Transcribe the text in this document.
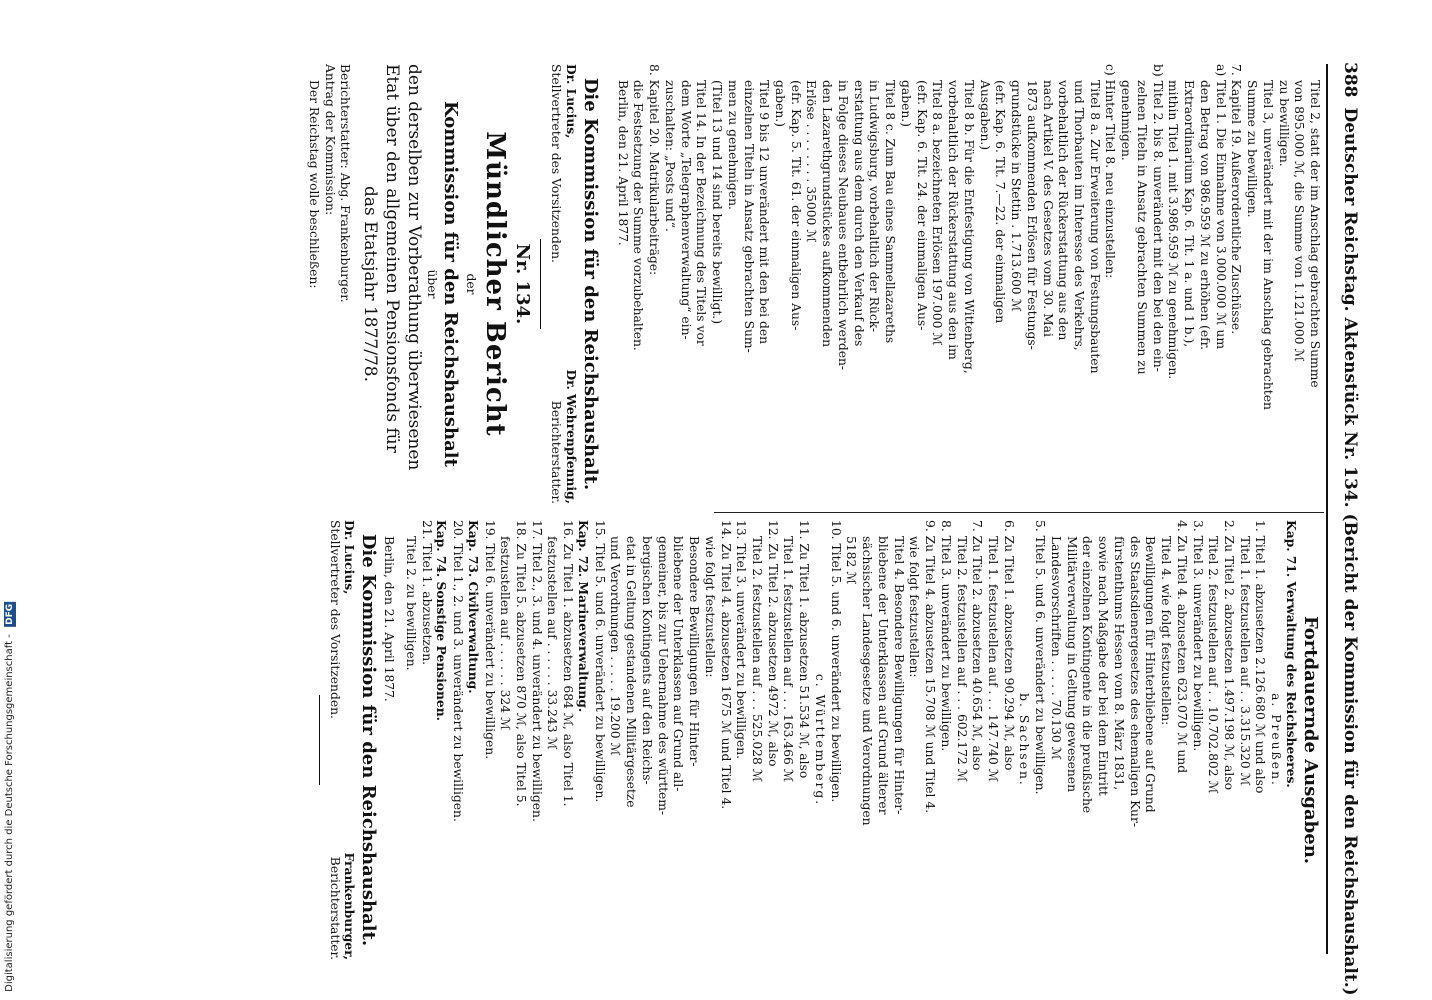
388
Deutscher Reichstag. Aktenstück Nr. 134. (Bericht der Kommission für den Reichshaushalt.)

Titel 2, statt der im Anschlag gebrachten Summe

von 895.000 ℳ, die Summe von 1.121.000 ℳ

zu bewilligen.

Titel 3, unverändert mit der im Anschlag gebrachten

Summe zu bewilligen.

7. Kapitel 19. Außerordentliche Zuschüsse.

a) Titel 1. Die Einnahme von 3.000.000 ℳ um

den Betrag von 986.959 ℳ zu erhöhen (efr.

Extraordinarium Kap. 6. Tit. 1 a. und 1 b.),

mithin Titel 1. mit 3.986.959 ℳ zu genehmigen.

b) Titel 2. bis 8. unverändert mit den bei den ein-

zelnen Titeln in Ansatz gebrachten Summen zu

genehmigen.

c) Hinter Titel 8. neu einzustellen:

Titel 8 a. Zur Erweiterung von Festungsbauten

und Thorbauten im Interesse des Verkehrs,

vorbehaltlich der Rückerstattung aus den

nach Artikel V. des Gesetzes vom 30. Mai

1873 aufkommenden Erlösen für Festungs-

grundstücke in Stettin . 1.713.600 ℳ

(efr. Kap. 6. Tit. 7.—22. der einmaligen

Ausgaben.)

Titel 8 b. Für die Entfestigung von Wittenberg,

vorbehaltlich der Rückerstattung aus den im

Titel 8 a. bezeichneten Erlösen 197.000 ℳ

(efr. Kap. 6. Tit. 24. der einmaligen Aus-

gaben.)

Titel 8 c. Zum Bau eines Sammellazareths

in Ludwigsburg, vorbehaltlich der Rück-

erstattung aus dem durch den Verkauf des

in Folge dieses Neubaues entbehrlich werden-

den Lazarethgrundstückes aufkommenden

Erlöse . . . . . . . . 35000 ℳ

(efr. Kap. 5. Tit. 61. der einmaligen Aus-

gaben.)

Titel 9 bis 12 unverändert mit den bei den

einzelnen Titeln in Ansatz gebrachten Sum-

men zu genehmigen.

(Titel 13 und 14 sind bereits bewilligt.)

Titel 14. In der Bezeichnung des Titels vor

dem Worte „Telegraphenverwaltung“ ein-

zuschalten: „Posts und“.

8. Kapitel 20. Matrikularbeiträge:

die Festsetzung der Summe vorzubehalten.

Berlin, den 21. April 1877.

Die Kommission für den Reichshaushalt.

Dr. Lucius,

Stellvertreter des Vorsitzenden.

Dr. Wehrenpfennig,

Berichterstatter.

Nr. 134.

Mündlicher Bericht

der

Kommission für den Reichshaushalt

über

den derselben zur Vorberathung überwiesenen

Etat über den allgemeinen Pensionsfonds für

das Etatsjahr 1877/78.

Berichterstatter: Abg. Frankenburger.

Antrag der Kommission:

Der Reichstag wolle beschließen:

Fortdauernde Ausgaben.

Kap. 71. Verwaltung des Reichsheeres.

a. Preußen.

1. Titel 1. abzusetzen 2.126.680 ℳ und also

Titel 1. festzustellen auf . . 3.315.320 ℳ

2. Zu Titel 2. abzusetzen 1.497.198 ℳ, also

Titel 2. festzustellen auf . . 10.702.802 ℳ

3. Titel 3. unverändert zu bewilligen.

4. Zu Titel 4. abzusetzen 623.070 ℳ und

Titel 4. wie folgt festzustellen:

Bewilligungen für Hinterbliebene auf Grund

des Staatsdienergesetzes des ehemaligen Kur-

fürstenthums Hessen vom 8. März 1831,

sowie nach Maßgabe der bei dem Eintritt

der einzelnen Kontingente in die preußische

Militärverwaltung in Geltung gewesenen

Landesvorschriften . . . . . 70.130 ℳ

5. Titel 5. und 6. unverändert zu bewilligen.

b. Sachsen.

6. Zu Titel 1. abzusetzen 90.294 ℳ, also

Titel 1. festzustellen auf . . . 147.740 ℳ

7. Zu Titel 2. abzusetzen 40.654 ℳ, also

Titel 2. festzustellen auf . . . 602.172 ℳ

8. Titel 3. unverändert zu bewilligen.

9. Zu Titel 4. abzusetzen 15.708 ℳ und Titel 4.

wie folgt festzustellen:

Titel 4. Besondere Bewilligungen für Hinter-

bliebene der Unterklassen auf Grund älterer

sächsischer Landesgesetze und Verordnungen

5182 ℳ

10. Titel 5. und 6. unverändert zu bewilligen.

c. Württemberg.

11. Zu Titel 1. abzusetzen 51.534 ℳ, also

Titel 1. festzustellen auf . . . 163.466 ℳ

12. Zu Titel 2. abzusetzen 4972 ℳ, also

Titel 2. festzustellen auf . . . 525.028 ℳ

13. Titel 3. unverändert zu bewilligen.

14. Zu Titel 4. abzusetzen 1675 ℳ und Titel 4.

wie folgt festzustellen:

Besondere Bewilligungen für Hinter-

bliebene der Unterklassen auf Grund all-

gemeiner, bis zur Uebernahme des württem-

bergischen Kontingents auf den Reichs-

etat in Geltung gestandenen Militärgesetze

und Verordnungen . . . . . 19.200 ℳ

15. Titel 5. und 6. unverändert zu bewilligen.

Kap. 72. Marineverwaltung.

16. Zu Titel 1. abzusetzen 684 ℳ, also Titel 1.

festzustellen auf . . . . . . 33.243 ℳ

17. Titel 2., 3. und 4. unverändert zu bewilligen.

18. Zu Titel 5. abzusetzen 870 ℳ, also Titel 5.

festzustellen auf . . . . . . 324 ℳ

19. Titel 6. unverändert zu bewilligen.

Kap. 73. Civilverwaltung.

20. Titel 1., 2. und 3. unverändert zu bewilligen.

Kap. 74. Sonstige Pensionen.

21. Titel 1. abzusetzen.

Titel 2. zu bewilligen.

Berlin, den 21. April 1877.

Die Kommission für den Reichshaushalt.

Dr. Lucius,

Stellvertreter des Vorsitzenden.

Frankenburger,

Berichterstatter.

Digitalisierung gefördert durch die Deutsche Forschungsgemeinschaft - DFG
